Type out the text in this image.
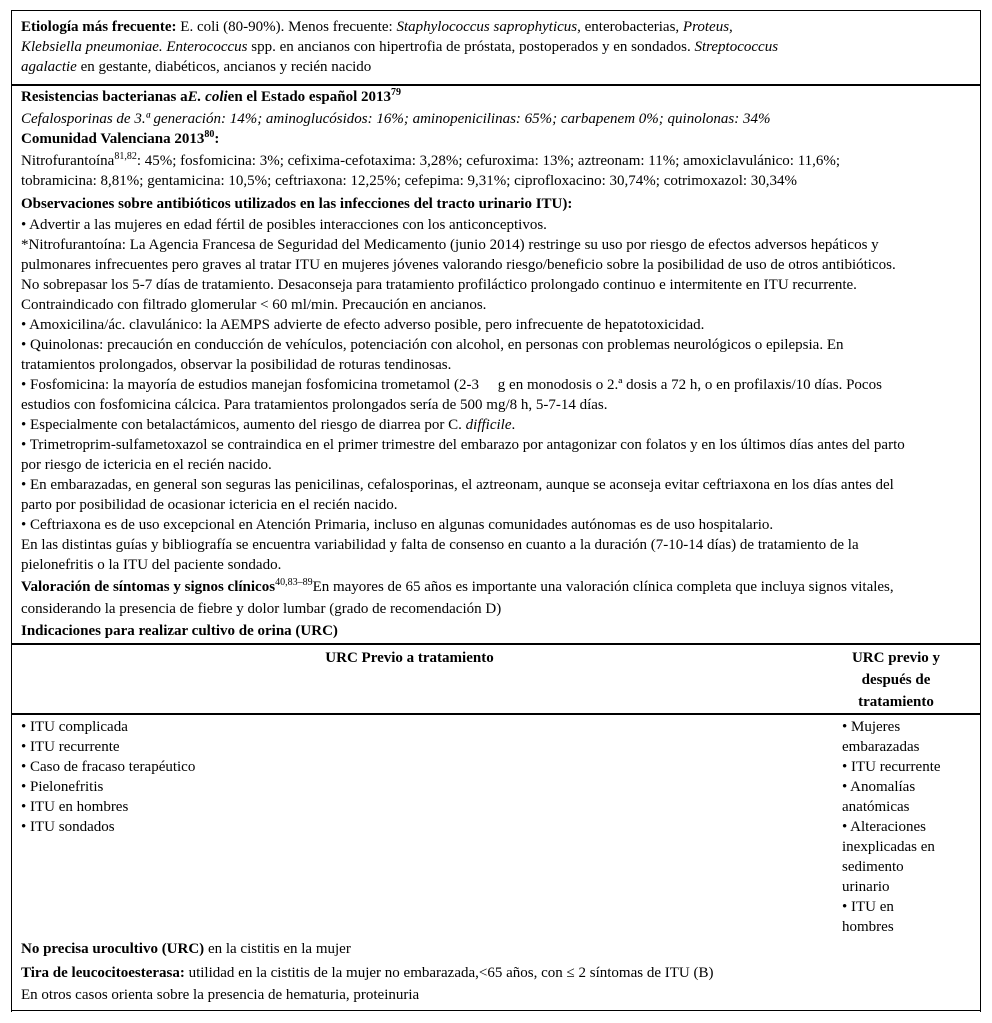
Etiología más frecuente: E. coli (80-90%). Menos frecuente: Staphylococcus saprophyticus, enterobacterias, Proteus,
Klebsiella pneumoniae. Enterococcus spp. en ancianos con hipertrofia de próstata, postoperados y en sondados. Streptococcus
agalactie en gestante, diabéticos, ancianos y recién nacido
Resistencias bacterianas aE. colien el Estado español 2013$^{79}$
Cefalosporinas de 3.ª generación: 14%; aminoglucósidos: 16%; aminopenicilinas: 65%; carbapenem 0%; quinolonas: 34%
Comunidad Valenciana 2013$^{80}$:
Nitrofurantoína$^{81,82}$: 45%; fosfomicina: 3%; cefixima-cefotaxima: 3,28%; cefuroxima: 13%; aztreonam: 11%; amoxiclavulánico: 11,6%;
tobramicina: 8,81%; gentamicina: 10,5%; ceftriaxona: 12,25%; cefepima: 9,31%; ciprofloxacino: 30,74%; cotrimoxazol: 30,34%
Observaciones sobre antibióticos utilizados en las infecciones del tracto urinario ITU):
• Advertir a las mujeres en edad fértil de posibles interacciones con los anticonceptivos.
*Nitrofurantoína: La Agencia Francesa de Seguridad del Medicamento (junio 2014) restringe su uso por riesgo de efectos adversos hepáticos y
pulmonares infrecuentes pero graves al tratar ITU en mujeres jóvenes valorando riesgo/beneficio sobre la posibilidad de uso de otros antibióticos.
No sobrepasar los 5-7 días de tratamiento. Desaconseja para tratamiento profiláctico prolongado continuo e intermitente en ITU recurrente.
Contraindicado con filtrado glomerular < 60 ml/min. Precaución en ancianos.
• Amoxicilina/ác. clavulánico: la AEMPS advierte de efecto adverso posible, pero infrecuente de hepatotoxicidad.
• Quinolonas: precaución en conducción de vehículos, potenciación con alcohol, en personas con problemas neurológicos o epilepsia. En
tratamientos prolongados, observar la posibilidad de roturas tendinosas.
• Fosfomicina: la mayoría de estudios manejan fosfomicina trometamol (2-3     g en monodosis o 2.ª dosis a 72 h, o en profilaxis/10 días. Pocos
estudios con fosfomicina cálcica. Para tratamientos prolongados sería de 500 mg/8 h, 5-7-14 días.
• Especialmente con betalactámicos, aumento del riesgo de diarrea por C. difficile.
• Trimetroprim-sulfametoxazol se contraindica en el primer trimestre del embarazo por antagonizar con folatos y en los últimos días antes del parto
por riesgo de ictericia en el recién nacido.
• En embarazadas, en general son seguras las penicilinas, cefalosporinas, el aztreonam, aunque se aconseja evitar ceftriaxona en los días antes del
parto por posibilidad de ocasionar ictericia en el recién nacido.
• Ceftriaxona es de uso excepcional en Atención Primaria, incluso en algunas comunidades autónomas es de uso hospitalario.
En las distintas guías y bibliografía se encuentra variabilidad y falta de consenso en cuanto a la duración (7-10-14 días) de tratamiento de la
pielonefritis o la ITU del paciente sondado.
Valoración de síntomas y signos clínicos$^{40,83-89}$En mayores de 65 años es importante una valoración clínica completa que incluya signos vitales,
considerando la presencia de fiebre y dolor lumbar (grado de recomendación D)
Indicaciones para realizar cultivo de orina (URC)
URC Previo a tratamiento	URC previo y
después de
tratamiento
• ITU complicada
• ITU recurrente
• Caso de fracaso terapéutico
• Pielonefritis
• ITU en hombres
• ITU sondados
• Mujeres
embarazadas
• ITU recurrente
• Anomalías
anatómicas
• Alteraciones
inexplicadas en
sedimento
urinario
• ITU en
hombres
No precisa urocultivo (URC) en la cistitis en la mujer
Tira de leucocitoesterasa: utilidad en la cistitis de la mujer no embarazada,<65 años, con ≤ 2 síntomas de ITU (B)
En otros casos orienta sobre la presencia de hematuria, proteinuria
